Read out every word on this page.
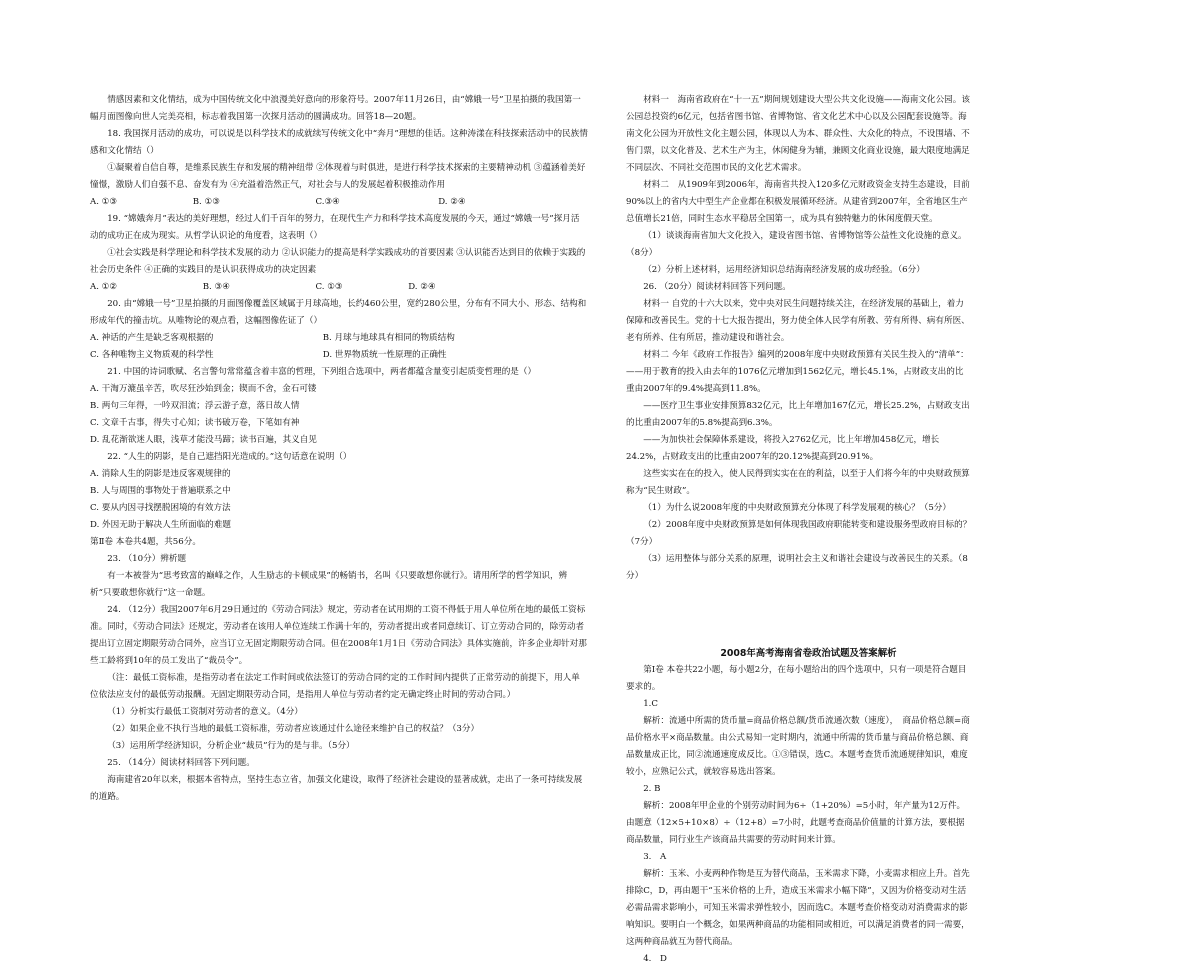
情感因素和文化情结，成为中国传统文化中浪漫美好意向的形象符号。2007年11月26日，由“嫦娥一号”卫星拍摄的我国第一幅月面图像向世人完美亮相，标志着我国第一次探月活动的圆满成功。回答18—20题。

18. 我国探月活动的成功，可以说是以科学技术的成就续写传统文化中“奔月”理想的佳话。这种涛漾在科技探索活动中的民族情感和文化情结（）

①凝聚着自信自尊，是维系民族生存和发展的精神纽带 ②体现着与时俱进，是进行科学技术探索的主要精神动机 ③蕴涵着美好憧憬，激励人们自强不息、奋发有为 ④充溢着浩然正气，对社会与人的发展起着积极推动作用

A. ①③	B. ①③	C.③④	D. ②④

19. “嫦娥奔月”表达的美好理想，经过人们千百年的努力，在现代生产力和科学技术高度发展的今天，通过“嫦娥一号”探月活动的成功正在成为现实。从哲学认识论的角度看，这表明（）

①社会实践是科学理论和科学技术发展的动力 ②认识能力的提高是科学实践成功的首要因素 ③认识能否达到目的依赖于实践的社会历史条件 ④正确的实践目的是认识获得成功的决定因素

A. ①②	B. ③④	C. ①③	D. ②④

20. 由“嫦娥一号”卫星拍摄的月面图像覆盖区域属于月球高地，长约460公里，宽约280公里，分布有不同大小、形态、结构和形成年代的撞击坑。从唯物论的观点看，这幅图像佐证了（）

A. 神话的产生是缺乏客观根据的	B. 月球与地球具有相同的物质结构

C. 各种唯物主义物质观的科学性	D. 世界物质统一性原理的正确性

21. 中国的诗词歌赋、名言警句常常蕴含着丰富的哲理，下列组合选项中，两者都蕴含量变引起质变哲理的是（）

A. 干淘万漉虽辛苦，吹尽狂沙始到金；锲而不舍，金石可镂

B. 两句三年得，一吟双泪流；浮云游子意，落日故人情

C. 文章千古事，得失寸心知；读书破万卷，下笔如有神

D. 乱花渐欲迷人眼，浅草才能没马蹄；读书百遍，其义自见

22. “人生的阴影，是自己遮挡阳光造成的。”这句话意在说明（）

A. 消除人生的阴影是违反客观规律的

B. 人与周围的事物处于普遍联系之中

C. 要从内因寻找摆脱困境的有效方法

D. 外因无助于解决人生所面临的难题

第Ⅱ卷 本卷共4题，共56分。

23. （10分）辨析题

有一本被誉为“思考致富的巅峰之作，人生励志的卡顿成果”的畅销书，名叫《只要敢想你就行》。请用所学的哲学知识，辨析“只要敢想你就行”这一命题。

24. （12分）我国2007年6月29日通过的《劳动合同法》规定，劳动者在试用期的工资不得低于用人单位所在地的最低工资标准。同时，《劳动合同法》还规定，劳动者在该用人单位连续工作满十年的，劳动者提出或者同意续订、订立劳动合同的，除劳动者提出订立固定期限劳动合同外，应当订立无固定期限劳动合同。但在2008年1月1日《劳动合同法》具体实施前，许多企业却针对那些工龄将到10年的员工发出了“裁员令”。

（注：最低工资标准，是指劳动者在法定工作时间或依法签订的劳动合同约定的工作时间内提供了正常劳动的前提下，用人单位依法应支付的最低劳动报酬。无固定期限劳动合同，是指用人单位与劳动者约定无确定终止时间的劳动合同。）

（1）分析实行最低工资制对劳动者的意义。（4分）

（2）如果企业不执行当地的最低工资标准，劳动者应该通过什么途径来维护自己的权益？（3分）

（3）运用所学经济知识，分析企业“裁员”行为的是与非。（5分）

25. （14分）阅读材料回答下列问题。

海南建省20年以来，根据本省特点，坚持生态立省，加强文化建设，取得了经济社会建设的显著成就，走出了一条可持续发展的道路。

材料一　海南省政府在“十一五”期间规划建设大型公共文化设施——海南文化公园。该公园总投资约6亿元，包括省图书馆、省博物馆、省文化艺术中心以及公园配套设施等。海南文化公园为开放性文化主题公园，体现以人为本、群众性、大众化的特点，不设围墙、不售门票，以文化普及、艺术生产为主，休闲健身为辅，兼顾文化商业设施，最大限度地满足不同层次、不同社交范围市民的文化艺术需求。

材料二　从1909年到2006年，海南省共投入120多亿元财政资金支持生态建设，目前90%以上的省内大中型生产企业都在积极发展循环经济。从建省到2007年，全省地区生产　总值增长21倍，同时生态水平稳居全国第一，成为具有独特魅力的休闲度假天堂。

（1）谈谈海南省加大文化投入，建设省图书馆、省博物馆等公益性文化设施的意义。（8分）

（2）分析上述材料，运用经济知识总结海南经济发展的成功经验。（6分）

26. （20分）阅读材料回答下列问题。

材料一 自党的十六大以来，党中央对民生问题持续关注，在经济发展的基础上，着力保障和改善民生。党的十七大报告提出，努力使全体人民学有所教、劳有所得、病有所医、老有所养、住有所居，推动建设和谐社会。

材料二 今年《政府工作报告》编列的2008年度中央财政预算有关民生投入的“清单”：——用于教育的投入由去年的1076亿元增加到1562亿元，增长45.1%，占财政支出的比重由2007年的9.4%提高到11.8%。

——医疗卫生事业安排预算832亿元，比上年增加167亿元，增长25.2%，占财政支出的比重由2007年的5.8%提高到6.3%。

——为加快社会保障体系建设，将投入2762亿元，比上年增加458亿元，增长24.2%，占财政支出的比重由2007年的20.12%提高到20.91%。

这些实实在在的投入，使人民得到实实在在的利益，以至于人们将今年的中央财政预算称为“民生财政”。

（1）为什么说2008年度的中央财政预算充分体现了科学发展观的核心？（5分）

（2）2008年度中央财政预算是如何体现我国政府职能转变和建设服务型政府目标的？（7分）

（3）运用整体与部分关系的原理，说明社会主义和谐社会建设与改善民生的关系。（8分）

2008年高考海南省卷政治试题及答案解析

第Ⅰ卷 本卷共22小题，每小题2分，在每小题给出的四个选项中，只有一项是符合题目要求的。

1.C

解析：流通中所需的货币量=商品价格总额/货币流通次数（速度），　商品价格总额=商品价格水平×商品数量。由公式易知一定时期内，流通中所需的货币量与商品价格总额、商品数量成正比，同②流通速度成反比。①③错误，选C。本题考查货币流通规律知识，难度较小，应熟记公式，就较容易选出答案。

2. B

解析：2008年甲企业的个别劳动时间为6÷（1+20%）=5小时，年产量为12万件。由题意（12×5+10×8）÷（12+8）=7小时，此题考查商品价值量的计算方法，要根据商品数量，同行业生产该商品共需要的劳动时间来计算。

3.　A

解析：玉米、小麦两种作物是互为替代商品，玉米需求下降，小麦需求相应上升。首先排除C，D，再由题干“玉米价格的上升，造成玉米需求小幅下降”，又因为价格变动对生活必需品需求影响小，可知玉米需求弹性较小，因而选C。本题考查价格变动对消费需求的影响知识。要明白一个概念，如果两种商品的功能相同或相近，可以满足消费者的同一需要，这两种商品就互为替代商品。

4.　D
